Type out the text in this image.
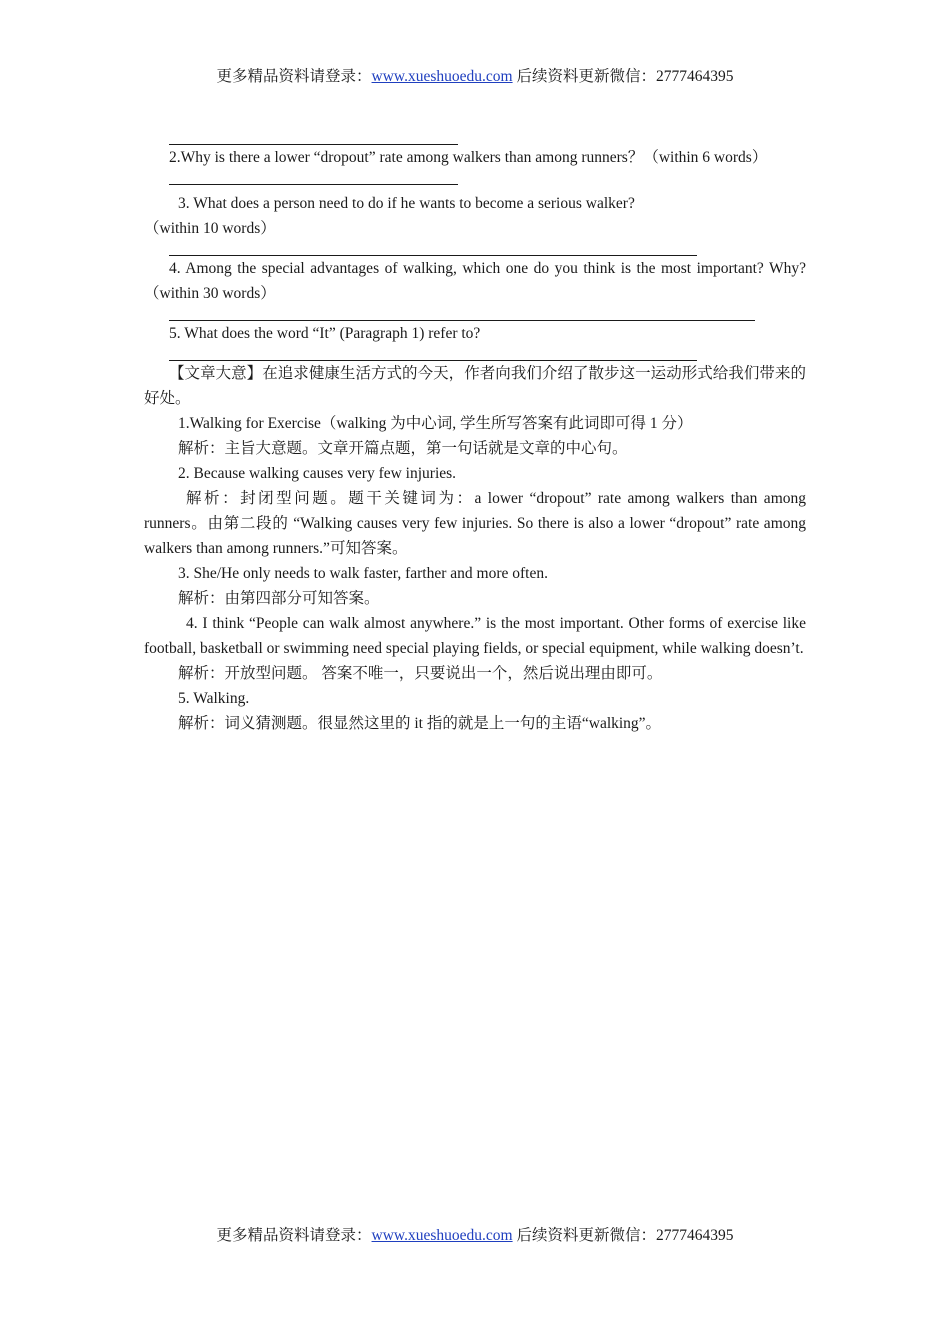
更多精品资料请登录：www.xueshuoedu.com 后续资料更新微信：2777464395

2.Why is there a lower “dropout” rate among walkers than among runners？（within 6 words）

3. What does a person need to do if he wants to become a serious walker?

（within 10 words）

4. Among the special advantages of walking, which one do you think is the most important? Why? （within 30 words）

5. What does the word “It” (Paragraph 1) refer to?

【文章大意】在追求健康生活方式的今天，作者向我们介绍了散步这一运动形式给我们带来的好处。

1.Walking for Exercise（walking 为中心词, 学生所写答案有此词即可得 1 分）

解析：主旨大意题。文章开篇点题，第一句话就是文章的中心句。

2. Because walking causes very few injuries.

解析：封闭型问题。题干关键词为：a lower “dropout” rate among walkers than among runners。由第二段的 “Walking causes very few injuries. So there is also a lower “dropout” rate among walkers than among runners.”可知答案。

3. She/He only needs to walk faster, farther and more often.

解析：由第四部分可知答案。

4. I think “People can walk almost anywhere.” is the most important. Other forms of exercise like football, basketball or swimming need special playing fields, or special equipment, while walking doesn’t.

解析：开放型问题。 答案不唯一，只要说出一个，然后说出理由即可。

5. Walking.

解析：词义猜测题。很显然这里的 it 指的就是上一句的主语“walking”。

更多精品资料请登录：www.xueshuoedu.com 后续资料更新微信：2777464395
